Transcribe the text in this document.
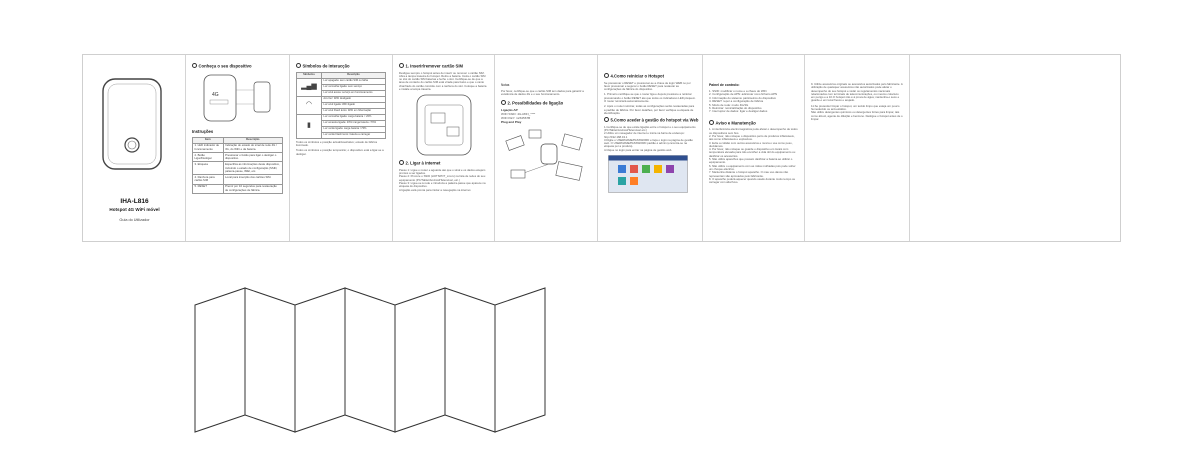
IHA-L816
Hotspot 4G WiFi móvel
Guia do Utilizador
Conheça o seu dispositivo
4G
Instruções
Item	Descrição
1. LED indicador de funcionamento	Indicação do estado do sinal de rede 4G / 3G, do WiFi e da bateria.
2. Botão Ligar/Desligar	Pressionar o botão para ligar o desligar o dispositivo.
3. Etiqueta	Especifica as informações deste dispositivo, incluindo o estado de configuração (SSID, palavra-passe, IMEI, etc.
4. Ranhura para cartão SIM	Local para inserção dos cartões SIM.
5. RESET	Premir por 10 segundos para restauração de configurações de fábrica.
Símbolos de interacção
Símbolos	Descrição
▂▄▆	Luz apagada: sem cartão SIM ou falha
	Luz vermelha ligada: sem serviço
	Luz azul acesa: serviço em funcionamento
◠	Azul luz: WiFi desligado
	Luz azul ligada: WiFi ligado
	Luz azul Flash lento: WiFi em hibernação
▮	Luz vermelha ligada: carga bateria < 20%
	Luz amarela ligada: 20%<carga bateria <70%
	Luz verde ligada: carga bateria >70%
	Luz verde Flash lento: bateria a carregar

Todos os símbolos e posição actualizavel/ativo; estado de fábrica iluminado.

Todos os símbolos e posição temporário; o dispositivo está a ligar-se a desligar.

1. Inserir/remover cartão SIM

Desligue sempre o hotspot antes de inserir ou remover o cartão SIM. Abra a tampa traseira do hotspot. Retire a bateria. Insira o cartão SIM no slot do cartão SIM baterias e feche o slot. Certifique-se de que a área de contacto do cartão SIM está virada para baixo e que o canto chanfrado do cartão coincide com a ranhura do slot. Coloque a bateria e instale a tampa traseira.

2. Ligar à internet

Passo 1: Ligue o router e aguarde até que o sinal e os dados estejam prontos a ser ligados.

Passo 2: Procure o SSID (HOTSPOT_xxxxx) na lista de redes do seu equipamento (PC/Tablet/Android/Telemóvel, etc.)

Passo 3: Ligue-se à rede e introduza a palavra-passe que aparece na etiqueta do dispositivo.

A ligação está pronta para iniciar a navegação na internet.

Notas

Por favor, certifique-se que o cartão SIM tem dados para garantir a existência de dados 4G e o seu funcionamento.

2. Possibilidades de ligação

Ligação AP

WIFI SSID: 4G-MIFI_****

WIFI KEY: 1234567B

Plug and Play

4.Como reiniciar o Hotspot

Se pressionar o RESET e pressionar-se a chave de login WEB no por favor pressionar e segurar o botão RESET para restaurar as configurações de fábrica do dispositivo.

1. Primeiro certifique-se que o router liga e depois pressione a reiniciar pressionando o botão RESET até que todos os indicadores LED pisquem. O router reiniciará automaticamente.

2. Após o router reiniciar, todas as configurações serão restauradas para a padrão de fábrica. Por favor detalhes, por favor verifique a etiqueta de identificação.

5.Como aceder à gestão do hotspot via Web

1.Certifique-se de que existe ligação entre o hotspot e o seu equipamento (PC/Tablet/Android/Telemóvel etc.)

2.Utilize um navegador de internet e insira na barra de endereço: http://192.168.43.1

3.Digite o USERNAME/PASSWORD e faça o login na página de gestão web. O USERNAME/PASSWORD padrão é admin (encontra-se na etiqueta por a produto).

4.Clique no login para entrar na página de gestão web.

Painel de controlo:

1. SSID: modificar o nome e a chave do WiFi

2. Configuração de APN: adicionar novo ficheiro APN

3. Informação do sistema: parâmetros do dispositivo

4. RESET: repor a configuração de fábrica

5. Modo de rede: modo 4G/3G

6. Reiniciar: reinicialização do dispositivo

7. Interruptor de dados: ligar e desligar dados

Aviso e Manutenção

1. A interferência electromagnética pode afetar o desempenho de todos os dispositivos sem fios.

2. Por favor, não coloque o dispositivo perto de produtos inflamáveis, tais como inflamáveis e explosivos.

3. Evite a colisão com outros acessórios e nunca o use como peso, duvidamos.

4. Por favor, não coloque ou guarde o dispositivo em locais com temperatura elevada para não encolher a vida útil do equipamento ou danificar os acessórios.

5. Não utilize aparelhos que possam danificar a bateria ao utilizar o equipamento.

6. Não utilize o equipamento com as mãos molhadas pois pode sofrer um choque eléctrico.

7. Mantenha distante o hotspot aparelho. O mau uso danos não representam são aprovados pelo fabricante.

8. O aparelho poderá aquecer quando usado durante muito tempo ou carregar com alta fluxo.

9. Utilize acessórios originais ou acessórios autorizados pelo fabricante. A utilização de quaisquer acessórios não autorizados pode afetar o desempenho do seu hotspot e violar os regulamentos nacionais relacionados com terminais de telecomunicações, ou mesmo colocá-lo em perigo e a 10.O hotspot não é à prova de água; mantenha-o seco e guarde-o em local fresco e arejado.

11.Se pretender limpar o hotspot, um tecido limpo que esteja um pouco humedecido ou anti-estático.

Não utilize detergentes químicos ou detergentes fortes para limpar, tais como álcool, agente de diluição e benzeno. Desligue o hotspot antes de o limpar.
